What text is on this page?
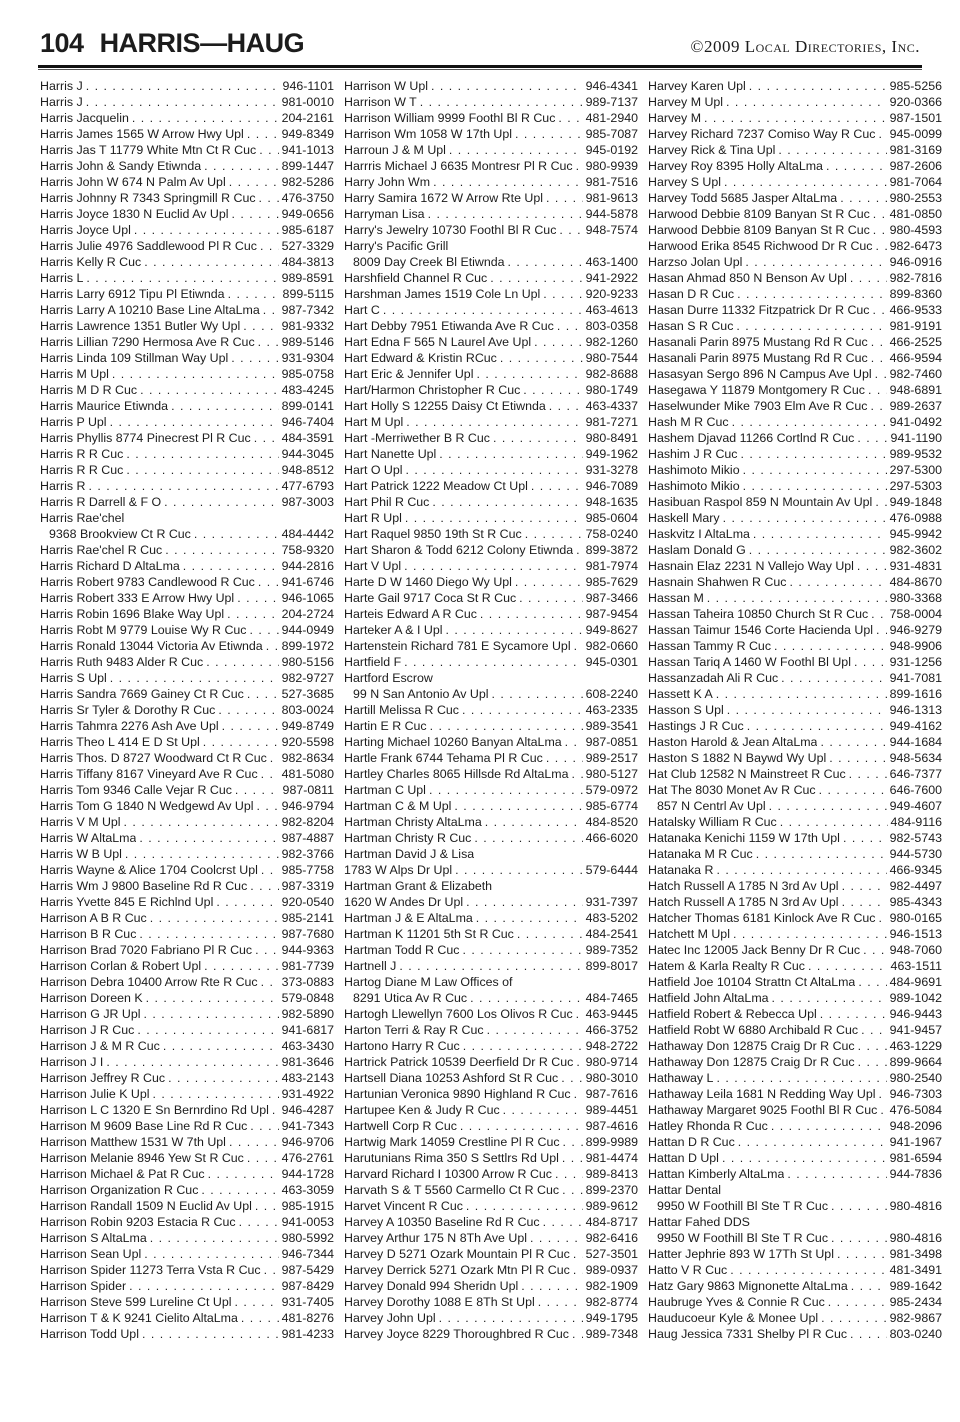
104 HARRIS—HAUG	©2009 Local Directories, Inc.
Harris J . . .	946-1101
Harris J . . .	981-0010
Harris Jacquelin . . .	204-2161
Harris James 1565 W Arrow Hwy Upl . . .	949-8349
Harris Jas T 11779 White Mtn Ct R Cuc . . . 941-1013
Harris John & Sandy Etiwnda . . .	899-1447
Harris John W 674 N Palm Av Upl . . .	982-5286
Harris Johnny R 7343 Springmill R Cuc . . . 476-3750
Harris Joyce 1830 N Euclid Av Upl . . .	949-0656
Harris Joyce Upl . . .	985-6187
Harris Julie 4976 Saddlewood Pl R Cuc . . . 527-3329
Harris Kelly R Cuc . . .	484-3813
Harris L . . .	989-8591
Harris Larry 6912 Tipu Pl Etiwnda . . .	899-5115
Harris Larry A 10210 Base Line AltaLma . . . 987-7342
Harris Lawrence 1351 Butler Wy Upl . . .	981-9332
Harris Lillian 7290 Hermosa Ave R Cuc . . . 989-5146
Harris Linda 109 Stillman Way Upl . . .	931-9304
Harris M Upl . . .	985-0758
Harris M D R Cuc . . .	483-4245
Harris Maurice Etiwnda . . .	899-0141
Harris P Upl . . .	946-7404
Harris Phyllis 8774 Pinecrest Pl R Cuc . . . 484-3591
Harris R R Cuc . . .	944-3045
Harris R R Cuc . . .	948-8512
Harris R . . .	477-6793
Harris R Darrell & F O . . .	987-3003
Harris Rae'chel
9368 Brookview Ct R Cuc . . .	484-4442
Harris Rae'chel R Cuc . . .	758-9320
Harris Richard D AltaLma . . .	944-2816
Harris Robert 9783 Candlewood R Cuc . . . 941-6746
Harris Robert 333 E Arrow Hwy Upl . . .	946-1065
Harris Robin 1696 Blake Way Upl . . .	204-2724
Harris Robt M 9779 Louise Wy R Cuc . . .	944-0949
Harris Ronald 13044 Victoria Av Etiwnda . . . 899-1972
Harris Ruth 9483 Alder R Cuc . . .	980-5156
Harris S Upl . . .	982-9727
Harris Sandra 7669 Gainey Ct R Cuc . . .	527-3685
Harris Sr Tyler & Dorothy R Cuc . . .	803-0024
Harris Tahmra 2276 Ash Ave Upl . . .	949-8749
Harris Theo L 414 E D St Upl . . .	920-5598
Harris Thos. D 8727 Woodward Ct R Cuc . . . 982-8634
Harris Tiffany 8167 Vineyard Ave R Cuc . . . 481-5080
Harris Tom 9346 Calle Vejar R Cuc . . .	987-0811
Harris Tom G 1840 N Wedgewd Av Upl . . . 946-9794
Harris V M Upl . . .	982-8204
Harris W AltaLma . . .	987-4887
Harris W B Upl . . .	982-3766
Harris Wayne & Alice 1704 Coolcrst Upl . . . 985-7758
Harris Wm J 9800 Baseline Rd R Cuc . . .	987-3319
Harris Yvette 845 E Richlnd Upl . . .	920-0540
Harrison A B R Cuc . . .	985-2141
Harrison B R Cuc . . .	987-7680
Harrison Brad 7020 Fabriano Pl R Cuc . . . 944-9363
Harrison Corlan & Robert Upl . . .	981-7739
Harrison Debra 10400 Arrow Rte R Cuc . . . 373-0883
Harrison Doreen K . . .	579-0848
Harrison G JR Upl . . .	982-5890
Harrison J R Cuc . . .	941-6817
Harrison J & M R Cuc . . .	463-3430
Harrison J I . . .	981-3646
Harrison Jeffrey R Cuc . . .	483-2143
Harrison Julie K Upl . . .	931-4922
Harrison L C 1320 E Sn Bernrdino Rd Upl . . . 946-4287
Harrison M 9609 Base Line Rd R Cuc . . .	941-7343
Harrison Matthew 1531 W 7th Upl . . .	946-9706
Harrison Melanie 8946 Yew St R Cuc . . .	476-2761
Harrison Michael & Pat R Cuc . . .	944-1728
Harrison Organization R Cuc . . .	463-3059
Harrison Randall 1509 N Euclid Av Upl . . . 985-1915
Harrison Robin 9203 Estacia R Cuc . . .	941-0053
Harrison S AltaLma . . .	980-5992
Harrison Sean Upl . . .	946-7344
Harrison Spider 11273 Terra Vsta R Cuc . . . 987-5429
Harrison Spider . . .	987-8429
Harrison Steve 599 Lureline Ct Upl . . .	931-7405
Harrison T & K 9241 Cielito AltaLma . . .	481-8276
Harrison Todd Upl . . .	981-4233
Harrison W Upl . . .	946-4341
Harrison W T . . .	989-7137
Harrison William 9999 Foothl Bl R Cuc . . . 481-2940
Harrison Wm 1058 W 17th Upl . . .	985-7087
Harroun J & M Upl . . .	945-0192
Harrris Michael J 6635 Montresr Pl R Cuc . . . 980-9939
Harry John Wm . . .	981-7516
Harry Samira 1672 W Arrow Rte Upl . . .	981-9613
Harryman Lisa . . .	944-5878
Harry's Jewelry 10730 Foothl Bl R Cuc . . . 948-7574
Harry's Pacific Grill
8009 Day Creek Bl Etiwnda . . .	463-1400
Harshfield Channel R Cuc . . .	941-2922
Harshman James 1519 Cole Ln Upl . . .	920-9233
Hart C . . .	463-4613
Hart Debby 7951 Etiwanda Ave R Cuc . . .	803-0358
Hart Edna F 565 N Laurel Ave Upl . . .	982-1260
Hart Edward & Kristin RCuc . . .	980-7544
Hart Eric & Jennifer Upl . . .	982-8688
Hart/Harmon Christopher R Cuc . . .	980-1749
Hart Holly S 12255 Daisy Ct Etiwnda . . .	463-4337
Hart M Upl . . .	981-7271
Hart -Merriwether B R Cuc . . .	980-8491
Hart Nanette Upl . . .	949-1962
Hart O Upl . . .	931-3278
Hart Patrick 1222 Meadow Ct Upl . . .	946-7089
Hart Phil R Cuc . . .	948-1635
Hart R Upl . . .	985-0604
Hart Raquel 9850 19th St R Cuc . . .	758-0240
Hart Sharon & Todd 6212 Colony Etiwnda . . . 899-3872
Hart V Upl . . .	981-7974
Harte D W 1460 Diego Wy Upl . . .	985-7629
Harte Gail 9717 Coca St R Cuc . . .	987-3466
Harteis Edward A R Cuc . . .	987-9454
Harteker A & I Upl . . .	949-8627
Hartenstein Richard 781 E Sycamore Upl . . . 982-0660
Hartfield F . . .	945-0301
Hartford Escrow
99 N San Antonio Av Upl . . .	608-2240
Hartill Melissa R Cuc . . .	463-2335
Hartin E R Cuc . . .	989-3541
Harting Michael 10260 Banyan AltaLma . . . 987-0851
Hartle Frank 6744 Tehama Pl R Cuc . . .	989-2517
Hartley Charles 8065 Hillsde Rd AltaLma . . . 980-5127
Hartman C Upl . . .	579-0972
Hartman C & M Upl . . .	985-6774
Hartman Christy AltaLma . . .	484-8520
Hartman Christy R Cuc . . .	466-6020
Hartman David J & Lisa
1783 W Alps Dr Upl . . .	579-6444
Hartman Grant & Elizabeth
1620 W Andes Dr Upl . . .	931-7397
Hartman J & E AltaLma . . .	483-5202
Hartman K 11201 5th St R Cuc . . .	484-2541
Hartman Todd R Cuc . . .	989-7352
Hartnell J . . .	899-8017
Hartog Diane M Law Offices of
8291 Utica Av R Cuc . . .	484-7465
Hartogh Llewellyn 7600 Los Olivos R Cuc . . . 463-9445
Harton Terri & Ray R Cuc . . .	466-3752
Hartono Harry R Cuc . . .	948-2722
Hartrick Patrick 10539 Deerfield Dr R Cuc . . . 980-9714
Hartsell Diana 10253 Ashford St R Cuc . . . 980-3010
Hartunian Veronica 9890 Highland R Cuc . . . 987-7616
Hartupee Ken & Judy R Cuc . . .	989-4451
Hartwell Corp R Cuc . . .	987-4616
Hartwig Mark 14059 Crestline Pl R Cuc . . . 899-9989
Harutunians Rima 350 S Settlrs Rd Upl . . . 981-4474
Harvard Richard I 10300 Arrow R Cuc . . .	989-8413
Harvath S & T 5560 Carmello Ct R Cuc . . . 899-2370
Harvet Vincent R Cuc . . .	989-9612
Harvey A 10350 Baseline Rd R Cuc . . .	484-8717
Harvey Arthur 175 N 8Th Ave Upl . . .	982-6416
Harvey D 5271 Ozark Mountain Pl R Cuc . . . 527-3501
Harvey Derrick 5271 Ozark Mtn Pl R Cuc . . . 989-0937
Harvey Donald 994 Sheridn Upl . . .	982-1909
Harvey Dorothy 1088 E 8Th St Upl . . .	982-8774
Harvey John Upl . . .	949-1795
Harvey Joyce 8229 Thoroughbred R Cuc . . . 989-7348
Harvey Karen Upl . . .	985-5256
Harvey M Upl . . .	920-0366
Harvey M . . .	987-1501
Harvey Richard 7237 Comiso Way R Cuc . . . 945-0099
Harvey Rick & Tina Upl . . .	981-3169
Harvey Roy 8395 Holly AltaLma . . .	987-2606
Harvey S Upl . . .	981-7064
Harvey Todd 5685 Jasper AltaLma . . .	980-2553
Harwood Debbie 8109 Banyan St R Cuc . . . 481-0850
Harwood Debbie 8109 Banyan St R Cuc . . . 980-4593
Harwood Erika 8545 Richwood Dr R Cuc . . . 982-6473
Harzso Jolan Upl . . .	946-0916
Hasan Ahmad 850 N Benson Av Upl . . .	982-7816
Hasan D R Cuc . . .	899-8360
Hasan Durre 11332 Fitzpatrick Dr R Cuc . . . 466-9533
Hasan S R Cuc . . .	981-9191
Hasanali Parin 8975 Mustang Rd R Cuc . . . 466-2525
Hasanali Parin 8975 Mustang Rd R Cuc . . . 466-9594
Hasasyan Sergo 896 N Campus Ave Upl . . . 982-7460
Hasegawa Y 11879 Montgomery R Cuc . . . 948-6891
Haselwunder Mike 7903 Elm Ave R Cuc . . . 989-2637
Hash M R Cuc . . .	941-0492
Hashem Djavad 11266 Cortlnd R Cuc . . .	941-1190
Hashim J R Cuc . . .	989-9532
Hashimoto Mikio . . .	297-5300
Hashimoto Mikio . . .	297-5303
Hasibuan Raspol 859 N Mountain Av Upl . . . 949-1848
Haskell Mary . . .	476-0988
Haskvitz I AltaLma . . .	945-9942
Haslam Donald G . . .	982-3602
Hasnain Elaz 2231 N Vallejo Way Upl . . .	931-4831
Hasnain Shahwen R Cuc . . .	484-8670
Hassan M . . .	980-3368
Hassan Taheira 10850 Church St R Cuc . . . 758-0004
Hassan Taimur 1546 Corte Hacienda Upl . . . 946-9279
Hassan Tammy R Cuc . . .	948-9906
Hassan Tariq A 1460 W Foothl Bl Upl . . .	931-1256
Hassanzadah Ali R Cuc . . .	941-7081
Hassett K A . . .	899-1616
Hasson S Upl . . .	946-1313
Hastings J R Cuc . . .	949-4162
Haston Harold & Jean AltaLma . . .	944-1684
Haston S 1882 N Baywd Wy Upl . . .	948-5634
Hat Club 12582 N Mainstreet R Cuc . . .	646-7377
Hat The 8030 Monet Av R Cuc . . .	646-7600
857 N Centrl Av Upl . . .	949-4607
Hatalsky William R Cuc . . .	484-9116
Hatanaka Kenichi 1159 W 17th Upl . . .	982-5743
Hatanaka M R Cuc . . .	944-5730
Hatanaka R . . .	466-9345
Hatch Russell A 1785 N 3rd Av Upl . . .	982-4497
Hatch Russell A 1785 N 3rd Av Upl . . .	985-4343
Hatcher Thomas 6181 Kinlock Ave R Cuc . . . 980-0165
Hatchett M Upl . . .	946-1513
Hatec Inc 12005 Jack Benny Dr R Cuc . . . 948-7060
Hatem & Karla Realty R Cuc . . .	463-1511
Hatfield Joe 10104 Strattn Ct AltaLma . . .	484-9691
Hatfield John AltaLma . . .	989-1042
Hatfield Robert & Rebecca Upl . . .	946-9443
Hatfield Robt W 6880 Archibald R Cuc . . .	941-9457
Hathaway Don 12875 Craig Dr R Cuc . . .	463-1229
Hathaway Don 12875 Craig Dr R Cuc . . .	899-9664
Hathaway L . . .	980-2540
Hathaway Leila 1681 N Redding Way Upl . . . 946-7303
Hathaway Margaret 9025 Foothl Bl R Cuc . . . 476-5084
Hatley Rhonda R Cuc . . .	948-2096
Hattan D R Cuc . . .	941-1967
Hattan D Upl . . .	981-6594
Hattan Kimberly AltaLma . . .	944-7836
Hattar Dental
9950 W Foothill Bl Ste T R Cuc . . .	980-4816
Hattar Fahed DDS
9950 W Foothill Bl Ste T R Cuc . . .	980-4816
Hatter Jephrie 893 W 17Th St Upl . . .	981-3498
Hatto V R Cuc . . .	481-3491
Hatz Gary 9863 Mignonette AltaLma . . .	989-1642
Haubruge Yves & Connie R Cuc . . .	985-2434
Hauducoeur Kyle & Monee Upl . . .	982-9867
Haug Jessica 7331 Shelby Pl R Cuc . . .	803-0240
